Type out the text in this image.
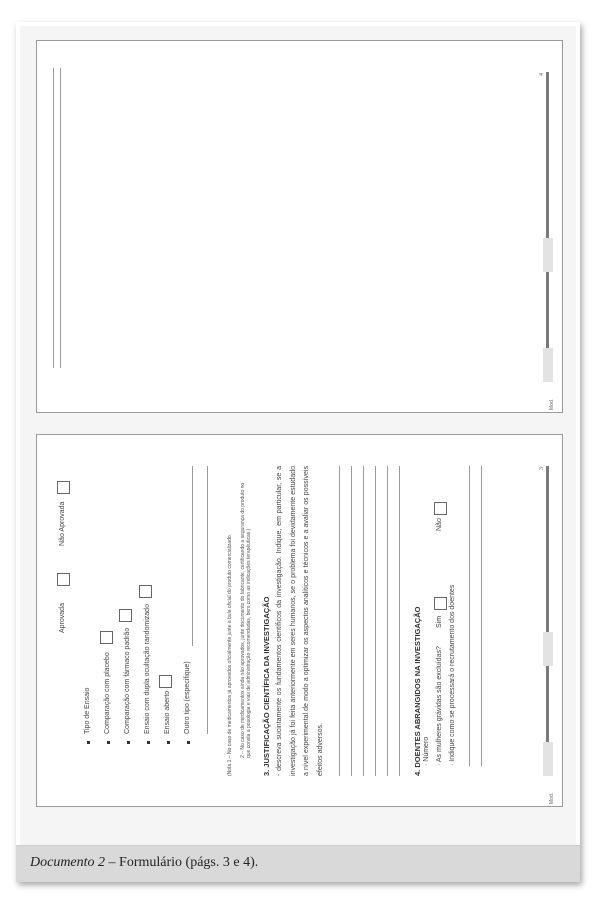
4
Mod.
3
Mod.
Aprovada
Não Aprovada
Tipo de Ensaio Comparação com placebo Comparação com fármaco padrão Ensaio com dupla ocultação randomizado Ensaio aberto Outro tipo (especifique)	(Nota 1 – No caso de medicamentos já aprovados oficialmente junte a bula oficial do produto comercializado. 2 – No caso de medicamentos ainda não aprovados, junte documento do fabricante, certificando a segurança do produto no que consta a posologia e vias de administração recomendadas, bem como as indicações terapêuticas.) 3. JUSTIFICAÇÃO CIENTÍFICA DA INVESTIGAÇÃO - descreva sucintamente os fundamentos científicos da investigação. Indique, em particular, se a investigação já foi feita anteriormente em seres humanos, se o problema foi devidamente estudado a nível experimental de modo a optimizar os aspectos analíticos e técnicos e a avaliar os possíveis efeitos adversos.	4. DOENTES ABRANGIDOS NA INVESTIGAÇÃO · Número · As mulheres grávidas são excluídas?
Sim
Não
· Indique como se processará o recrutamento dos doentes
Documento 2 – Formulário (págs. 3 e 4).
